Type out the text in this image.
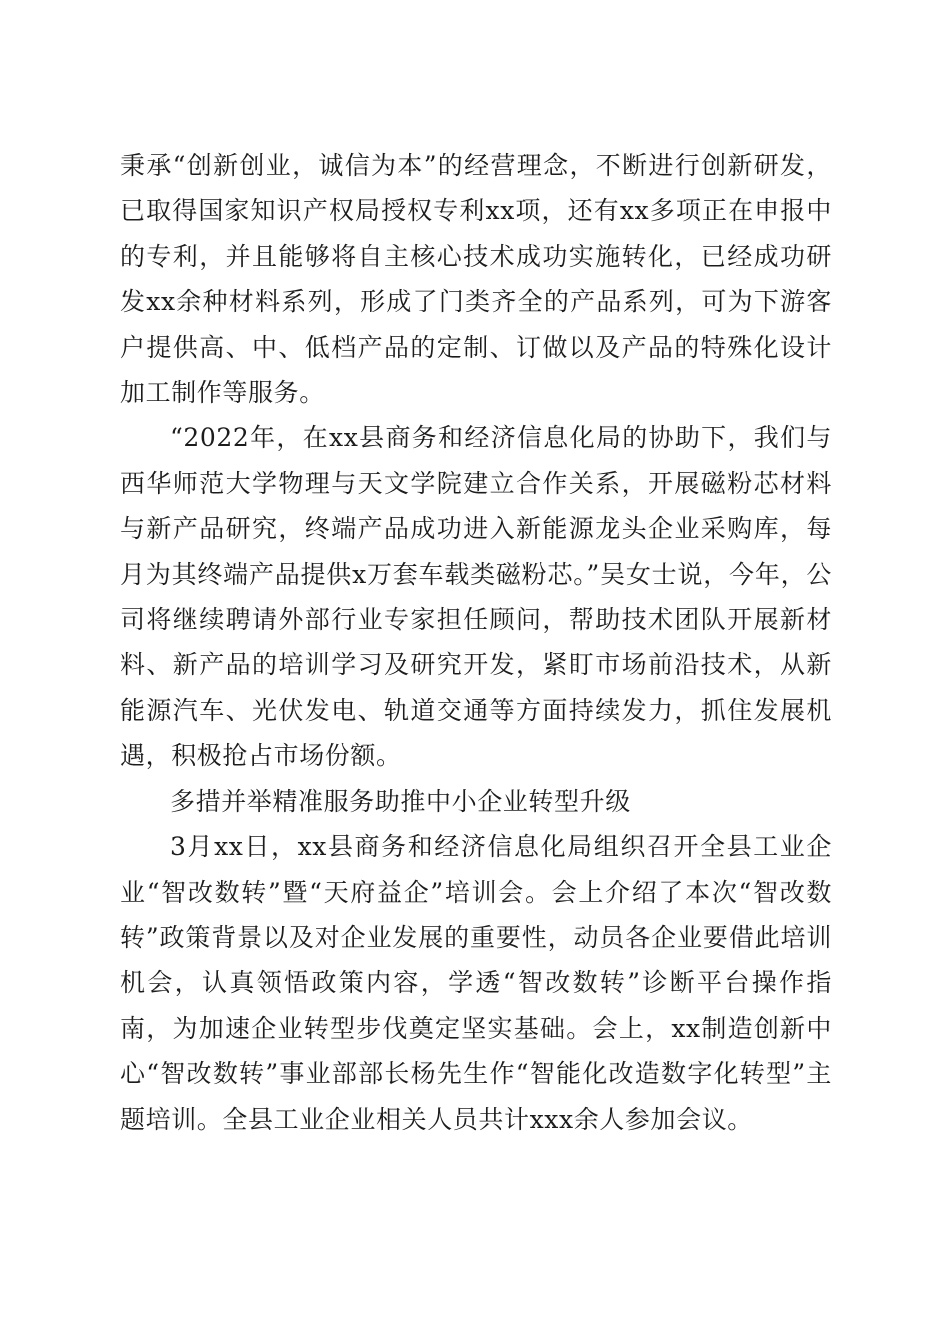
秉承“创新创业，诚信为本”的经营理念，不断进行创新研发，已取得国家知识产权局授权专利xx项，还有xx多项正在申报中的专利，并且能够将自主核心技术成功实施转化，已经成功研发xx余种材料系列，形成了门类齐全的产品系列，可为下游客户提供高、中、低档产品的定制、订做以及产品的特殊化设计加工制作等服务。

“2022年，在xx县商务和经济信息化局的协助下，我们与西华师范大学物理与天文学院建立合作关系，开展磁粉芯材料与新产品研究，终端产品成功进入新能源龙头企业采购库，每月为其终端产品提供x万套车载类磁粉芯。”吴女士说，今年，公司将继续聘请外部行业专家担任顾问，帮助技术团队开展新材料、新产品的培训学习及研究开发，紧盯市场前沿技术，从新能源汽车、光伏发电、轨道交通等方面持续发力，抓住发展机遇，积极抢占市场份额。

多措并举精准服务助推中小企业转型升级

3月xx日，xx县商务和经济信息化局组织召开全县工业企业“智改数转”暨“天府益企”培训会。会上介绍了本次“智改数转”政策背景以及对企业发展的重要性，动员各企业要借此培训机会，认真领悟政策内容，学透“智改数转”诊断平台操作指南，为加速企业转型步伐奠定坚实基础。会上，xx制造创新中心“智改数转”事业部部长杨先生作“智能化改造数字化转型”主题培训。全县工业企业相关人员共计xxx余人参加会议。
